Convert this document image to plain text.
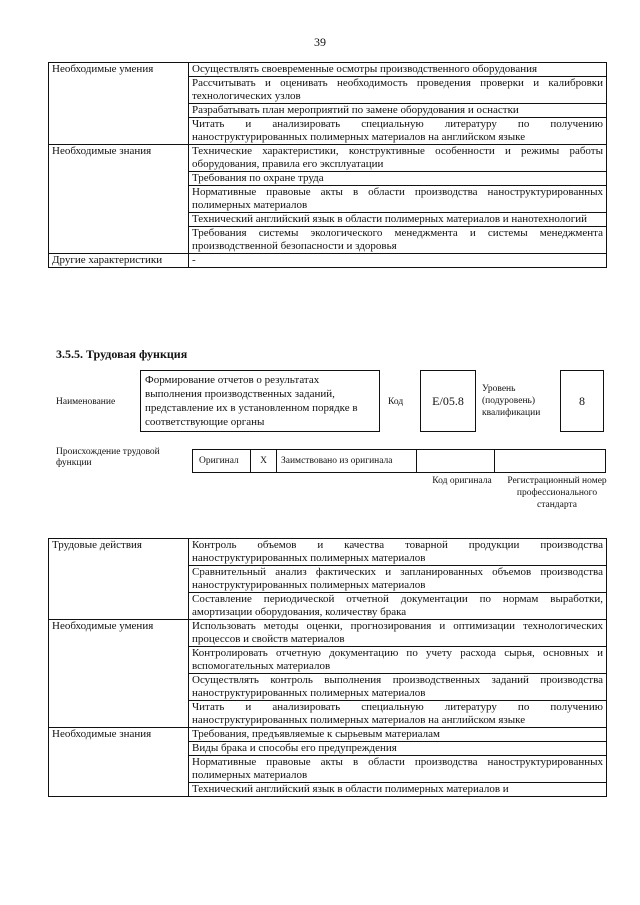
39
Необходимые умения	Осуществлять своевременные осмотры производственного оборудования
	Рассчитывать и оценивать необходимость проведения проверки и калибровки технологических узлов
	Разрабатывать план мероприятий по замене оборудования и оснастки
	Читать и анализировать специальную литературу по получению наноструктурированных полимерных материалов на английском языке
Необходимые знания	Технические характеристики, конструктивные особенности и режимы работы оборудования, правила его эксплуатации
	Требования по охране труда
	Нормативные правовые акты в области производства наноструктурированных полимерных материалов
	Технический английский язык в области полимерных материалов и нанотехнологий
	Требования системы экологического менеджмента и системы менеджмента производственной безопасности и здоровья
Другие характеристики	-
3.5.5. Трудовая функция
Наименование
Формирование отчетов о результатах выполнения производственных заданий, представление их в установленном порядке в соответствующие органы
Код	E/05.8
Уровень (подуровень) квалификации
8
Происхождение трудовой функции	Оригинал	X	Заимствовано из оригинала
Код оригинала	Регистрационный номер профессионального стандарта
Трудовые действия	Контроль объемов и качества товарной продукции производства наноструктурированных полимерных материалов
	Сравнительный анализ фактических и запланированных объемов производства наноструктурированных полимерных материалов
	Составление периодической отчетной документации по нормам выработки, амортизации оборудования, количеству брака
Необходимые умения	Использовать методы оценки, прогнозирования и оптимизации технологических процессов и свойств материалов
	Контролировать отчетную документацию по учету расхода сырья, основных и вспомогательных материалов
	Осуществлять контроль выполнения производственных заданий производства наноструктурированных полимерных материалов
	Читать и анализировать специальную литературу по получению наноструктурированных полимерных материалов на английском языке
Необходимые знания	Требования, предъявляемые к сырьевым материалам
	Виды брака и способы его предупреждения
	Нормативные правовые акты в области производства наноструктурированных полимерных материалов
	Технический английский язык в области полимерных материалов и
